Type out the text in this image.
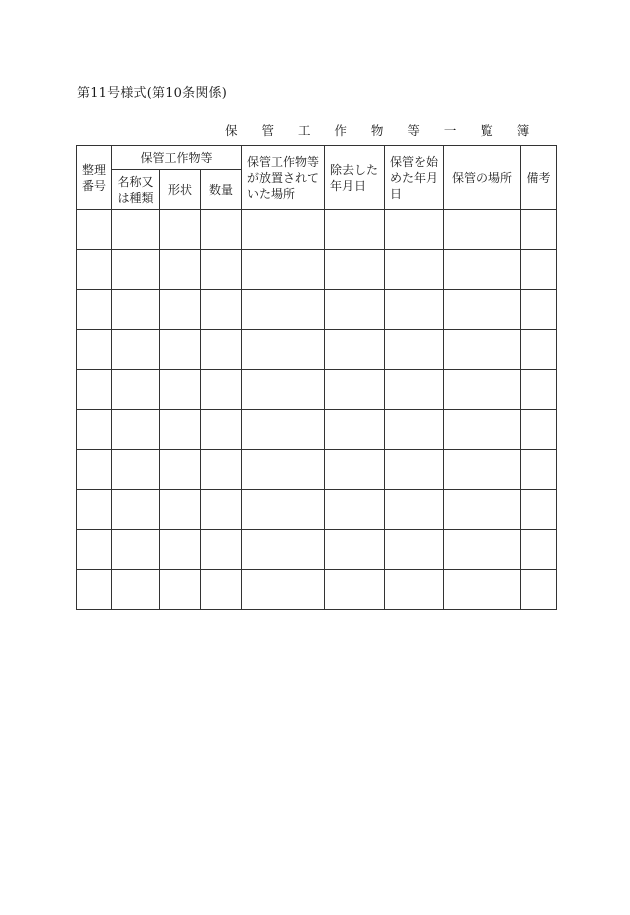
第11号様式(第10条関係)
保 管 工 作 物 等 一 覧 簿
整理番号	保管工作物等			保管工作物等が放置されていた場所	除去した年月日	保管を始めた年月日	保管の場所	備考
	名称又は種類	形状	数量					
